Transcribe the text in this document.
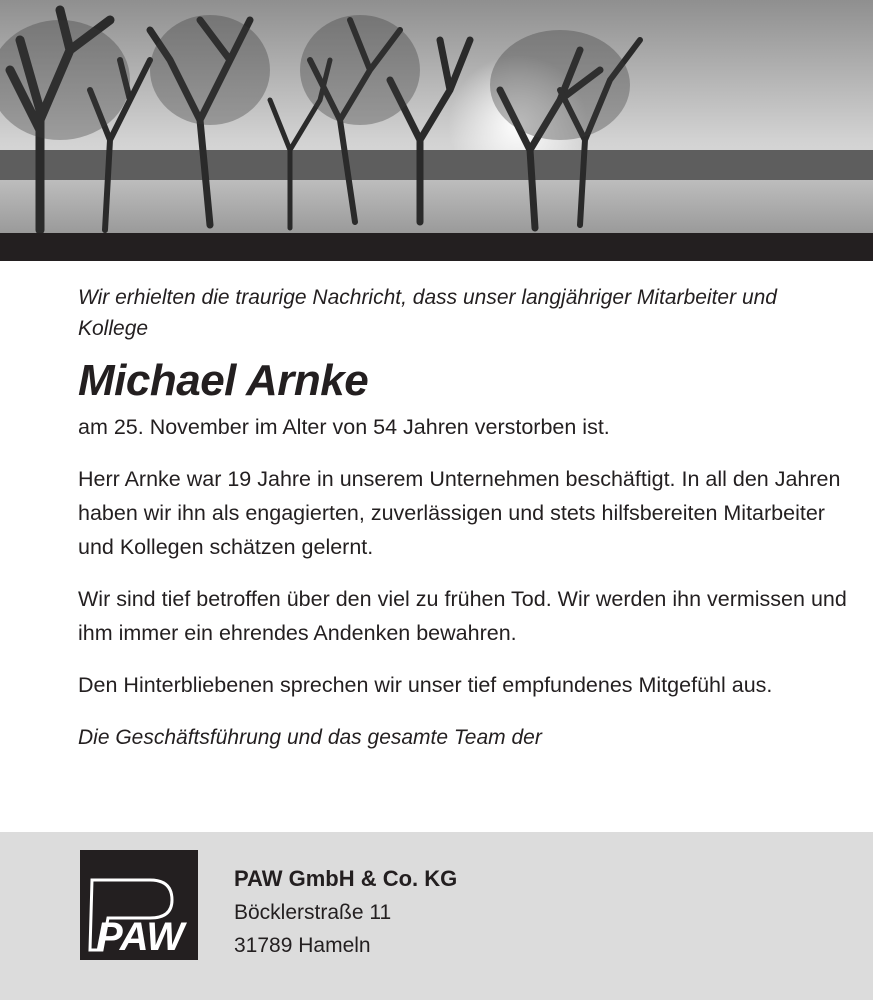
Wir erhielten die traurige Nachricht, dass unser langjähriger Mitarbeiter und Kollege

Michael Arnke

am 25. November im Alter von 54 Jahren verstorben ist.

Herr Arnke war 19 Jahre in unserem Unternehmen beschäftigt. In all den Jahren haben wir ihn als engagierten, zuverlässigen und stets hilfsbereiten Mitarbeiter und Kollegen schätzen gelernt.

Wir sind tief betroffen über den viel zu frühen Tod. Wir werden ihn vermissen und ihm immer ein ehrendes Andenken bewahren.

Den Hinterbliebenen sprechen wir unser tief empfundenes Mitgefühl aus.

Die Geschäftsführung und das gesamte Team der
PAW
PAW GmbH & Co. KG
Böcklerstraße 11
31789 Hameln
